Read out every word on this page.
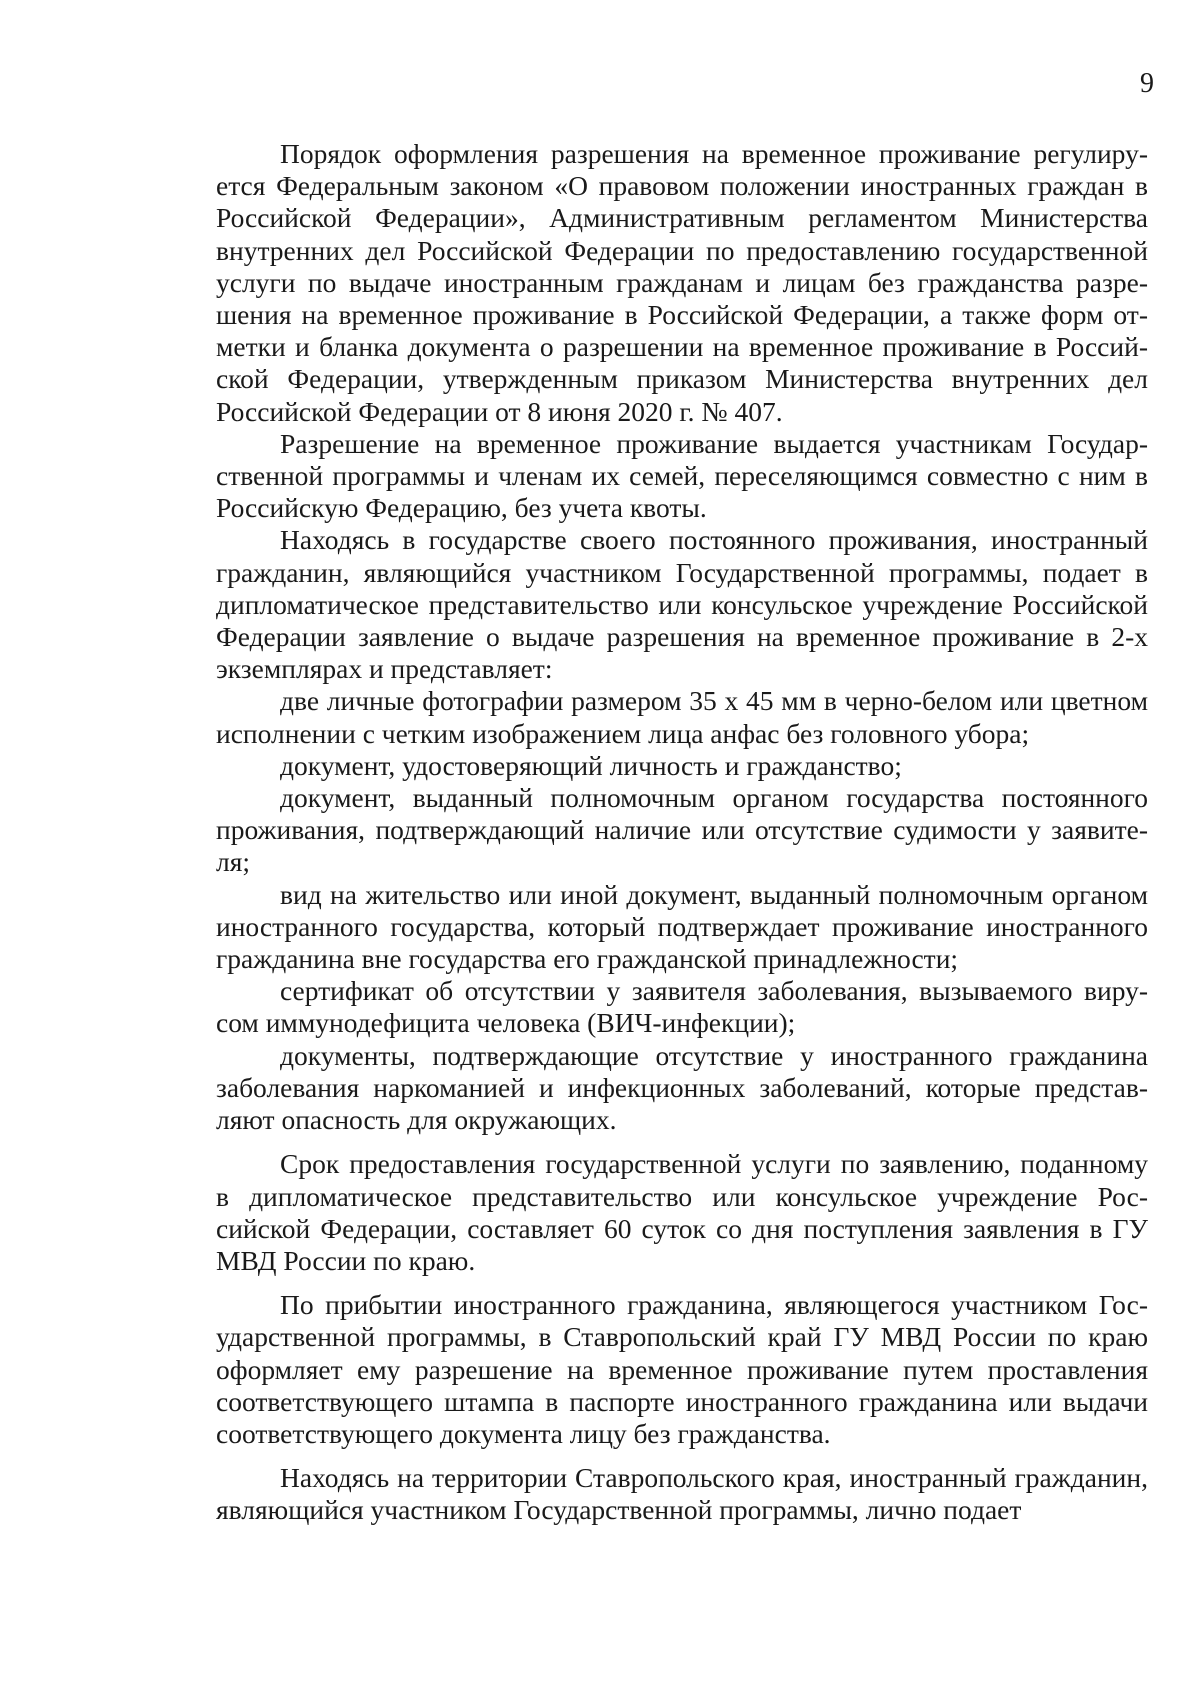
9

Порядок оформления разрешения на временное проживание регулируется Федеральным законом «О правовом положении иностранных граждан в Российской Федерации», Административным регламентом Министерства внутренних дел Российской Федерации по предоставлению государственной услуги по выдаче иностранным гражданам и лицам без гражданства разрешения на временное проживание в Российской Федерации, а также форм отметки и бланка документа о разрешении на временное проживание в Российской Федерации, утвержденным приказом Министерства внутренних дел Российской Федерации от 8 июня 2020 г. № 407.

Разрешение на временное проживание выдается участникам Государственной программы и членам их семей, переселяющимся совместно с ним в Российскую Федерацию, без учета квоты.

Находясь в государстве своего постоянного проживания, иностранный гражданин, являющийся участником Государственной программы, подает в дипломатическое представительство или консульское учреждение Российской Федерации заявление о выдаче разрешения на временное проживание в 2-х экземплярах и представляет:

две личные фотографии размером 35 х 45 мм в черно-белом или цветном исполнении с четким изображением лица анфас без головного убора;

документ, удостоверяющий личность и гражданство;

документ, выданный полномочным органом государства постоянного проживания, подтверждающий наличие или отсутствие судимости у заявителя;

вид на жительство или иной документ, выданный полномочным органом иностранного государства, который подтверждает проживание иностранного гражданина вне государства его гражданской принадлежности;

сертификат об отсутствии у заявителя заболевания, вызываемого вирусом иммунодефицита человека (ВИЧ-инфекции);

документы, подтверждающие отсутствие у иностранного гражданина заболевания наркоманией и инфекционных заболеваний, которые представляют опасность для окружающих.

Срок предоставления государственной услуги по заявлению, поданному в дипломатическое представительство или консульское учреждение Российской Федерации, составляет 60 суток со дня поступления заявления в ГУ МВД России по краю.

По прибытии иностранного гражданина, являющегося участником Государственной программы, в Ставропольский край ГУ МВД России по краю оформляет ему разрешение на временное проживание путем проставления соответствующего штампа в паспорте иностранного гражданина или выдачи соответствующего документа лицу без гражданства.

Находясь на территории Ставропольского края, иностранный гражданин, являющийся участником Государственной программы, лично подает
